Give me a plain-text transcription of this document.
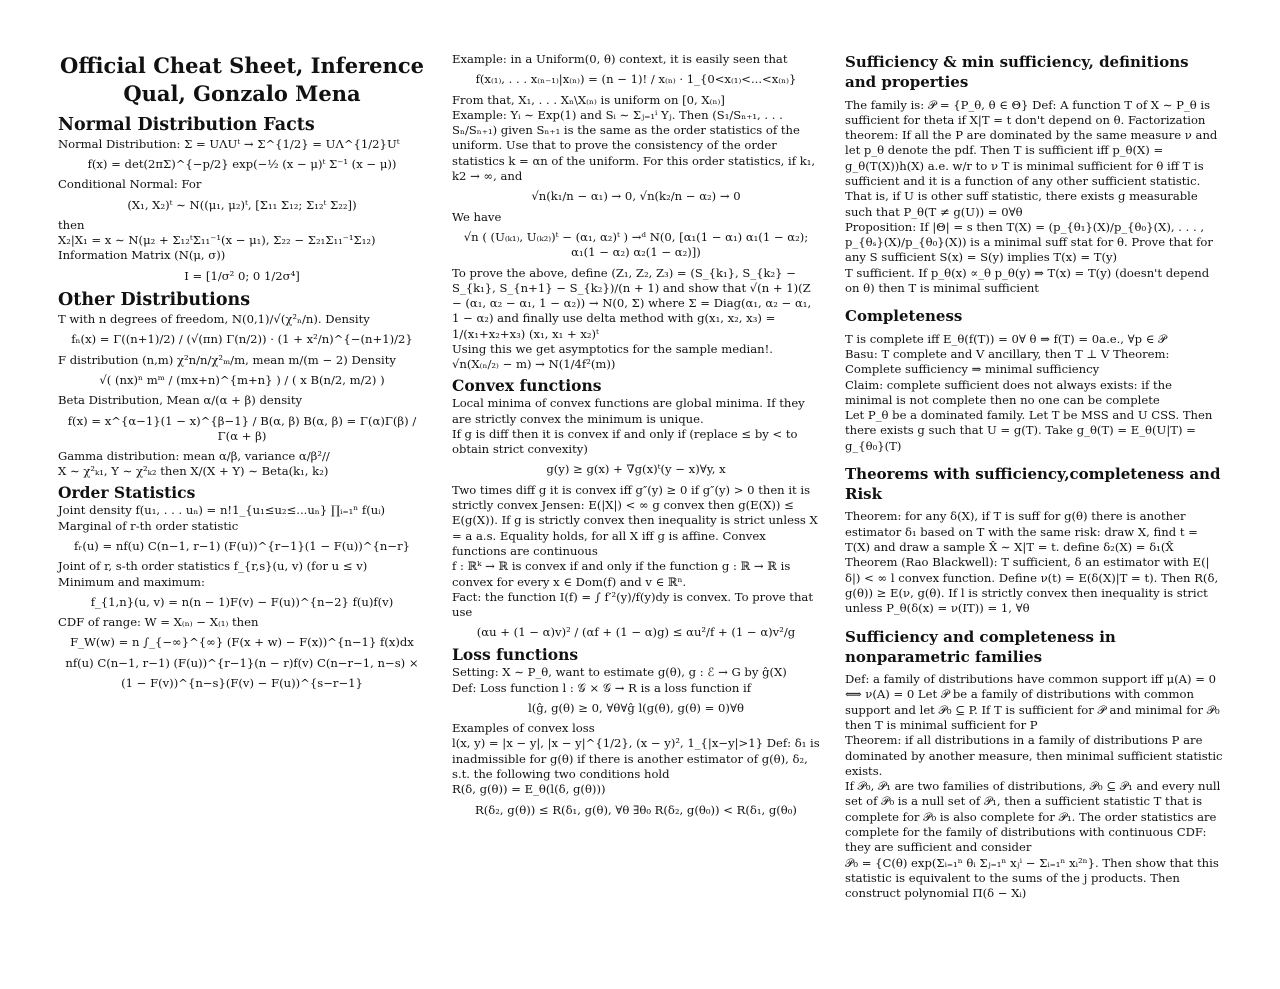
Official Cheat Sheet, Inference Qual, Gonzalo Mena
Normal Distribution Facts

Normal Distribution: Σ = UΛUᵗ → Σ^{1/2} = UΛ^{1/2}Uᵗ

f(x) = det(2πΣ)^{−p/2} exp(−½ (x − μ)ᵗ Σ⁻¹ (x − μ))

Conditional Normal: For

(X₁, X₂)ᵗ ∼ N((μ₁, μ₂)ᵗ, [Σ₁₁ Σ₁₂; Σ₁₂ᵗ Σ₂₂])

then

X₂|X₁ = x ∼ N(μ₂ + Σ₁₂ᵗΣ₁₁⁻¹(x − μ₁), Σ₂₂ − Σ₂₁Σ₁₁⁻¹Σ₁₂)

Information Matrix (N(μ, σ))

I = [1/σ² 0; 0 1/2σ⁴]
Other Distributions

T with n degrees of freedom, N(0,1)/√(χ²ₙ/n). Density

fₙ(x) = Γ((n+1)/2) / (√(πn) Γ(n/2)) · (1 + x²/n)^{−(n+1)/2}

F distribution (n,m) χ²n/n/χ²ₘ/m, mean m/(m − 2) Density

√( (nx)ⁿ mᵐ / (mx+n)^{m+n} ) / ( x B(n/2, m/2) )

Beta Distribution, Mean α/(α + β) density

f(x) = x^{α−1}(1 − x)^{β−1} / B(α, β) B(α, β) = Γ(α)Γ(β) / Γ(α + β)

Gamma distribution: mean α/β, variance α/β²//

X ∼ χ²ₖ₁, Y ∼ χ²ₖ₂ then X/(X + Y) ∼ Beta(k₁, k₂)

Order Statistics

Joint density f(u₁, . . . uₙ) = n!1_{u₁≤u₂≤...uₙ} ∏ᵢ₌₁ⁿ f(uᵢ)

Marginal of r-th order statistic

fᵣ(u) = nf(u) C(n−1, r−1) (F(u))^{r−1}(1 − F(u))^{n−r}

Joint of r, s-th order statistics f_{r,s}(u, v) (for u ≤ v)

Minimum and maximum:

f_{1,n}(u, v) = n(n − 1)F(v) − F(u))^{n−2} f(u)f(v)

CDF of range: W = X₍ₙ₎ − X₍₁₎ then

F_W(w) = n ∫_{−∞}^{∞} (F(x + w) − F(x))^{n−1} f(x)dx
nf(u) C(n−1, r−1) (F(u))^{r−1}(n − r)f(v) C(n−r−1, n−s) ×
(1 − F(v))^{n−s}(F(v) − F(u))^{s−r−1}

Example: in a Uniform(0, θ) context, it is easily seen that

f(x₍₁₎, . . . x₍ₙ₋₁₎|x₍ₙ₎) = (n − 1)! / x₍ₙ₎ · 1_{0<x₍₁₎<...<x₍ₙ₎}

From that, X₁, . . . Xₙ\X₍ₙ₎ is uniform on [0, X₍ₙ₎]

Example: Yᵢ ∼ Exp(1) and Sᵢ ∼ Σⱼ₌₁ⁱ Yⱼ. Then (S₁/Sₙ₊₁, . . . Sₙ/Sₙ₊₁) given Sₙ₊₁ is the same as the order statistics of the uniform. Use that to prove the consistency of the order statistics k = αn of the uniform. For this order statistics, if k₁, k2 → ∞, and

√n(k₁/n − α₁) → 0, √n(k₂/n − α₂) → 0

We have

√n ( (U₍ₖ₁₎, U₍ₖ₂₎)ᵗ − (α₁, α₂)ᵗ ) →ᵈ N(0, [α₁(1 − α₁) α₁(1 − α₂); α₁(1 − α₂) α₂(1 − α₂)])

To prove the above, define (Z₁, Z₂, Z₃) = (S_{k₁}, S_{k₂} − S_{k₁}, S_{n+1} − S_{k₂})/(n + 1) and show that √(n + 1)(Z − (α₁, α₂ − α₁, 1 − α₂)) → N(0, Σ) where Σ = Diag(α₁, α₂ − α₁, 1 − α₂) and finally use delta method with g(x₁, x₂, x₃) = 1/(x₁+x₂+x₃) (x₁, x₁ + x₂)ᵗ

Using this we get asymptotics for the sample median!.

√n(X₍ₙ/₂₎ − m) → N(1/4f²(m))

Convex functions

Local minima of convex functions are global minima. If they are strictly convex the minimum is unique.

If g is diff then it is convex if and only if (replace ≤ by < to obtain strict convexity)

g(y) ≥ g(x) + ∇g(x)ᵗ(y − x)∀y, x

Two times diff g it is convex iff g″(y) ≥ 0 if g″(y) > 0 then it is strictly convex Jensen: E(|X|) < ∞ g convex then g(E(X)) ≤ E(g(X)). If g is strictly convex then inequality is strict unless X = a a.s. Equality holds, for all X iff g is affine. Convex functions are continuous

f : ℝᵏ → ℝ is convex if and only if the function g : ℝ → ℝ is convex for every x ∈ Dom(f) and v ∈ ℝⁿ.

Fact: the function I(f) = ∫ f′²(y)/f(y)dy is convex. To prove that use

(αu + (1 − α)v)² / (αf + (1 − α)g) ≤ αu²/f + (1 − α)v²/g
Loss functions

Setting: X ∼ P_θ, want to estimate g(θ), g : ℰ → G by ĝ(X)

Def: Loss function l : 𝒢 × 𝒢 → R is a loss function if

l(ĝ, g(θ) ≥ 0, ∀θ∀ĝ l(g(θ), g(θ) = 0)∀θ

Examples of convex loss

l(x, y) = |x − y|, |x − y|^{1/2}, (x − y)², 1_{|x−y|>1} Def: δ₁ is inadmissible for g(θ) if there is another estimator of g(θ), δ₂, s.t. the following two conditions hold

R(δ, g(θ)) = E_θ(l(δ, g(θ)))

R(δ₂, g(θ)) ≤ R(δ₁, g(θ), ∀θ ∃θ₀ R(δ₂, g(θ₀)) < R(δ₁, g(θ₀)
Sufficiency & min sufficiency, definitions and properties

The family is: 𝒫 = {P_θ, θ ∈ Θ} Def: A function T of X ∼ P_θ is sufficient for theta if X|T = t don't depend on θ. Factorization theorem: If all the P are dominated by the same measure ν and let p_θ denote the pdf. Then T is sufficient iff p_θ(X) = g_θ(T(X))h(X) a.e. w/r to ν T is minimal sufficient for θ iff T is sufficient and it is a function of any other sufficient statistic. That is, if U is other suff statistic, there exists g measurable such that P_θ(T ≠ g(U)) = 0∀θ

Proposition: If |Θ| = s then T(X) = (p_{θ₁}(X)/p_{θ₀}(X), . . . , p_{θₛ}(X)/p_{θ₀}(X)) is a minimal suff stat for θ. Prove that for any S sufficient S(x) = S(y) implies T(x) = T(y)

T sufficient. If p_θ(x) ∝_θ p_θ(y) ⇒ T(x) = T(y) (doesn't depend on θ) then T is minimal sufficient

Completeness

T is complete iff E_θ(f(T)) = 0∀ θ ⇒ f(T) = 0a.e., ∀p ∈ 𝒫

Basu: T complete and V ancillary, then T ⊥ V Theorem: Complete sufficiency ⇒ minimal sufficiency

Claim: complete sufficient does not always exists: if the minimal is not complete then no one can be complete

Let P_θ be a dominated family. Let T be MSS and U CSS. Then there exists g such that U = g(T). Take g_θ(T) = E_θ(U|T) = g_{θ₀}(T)

Theorems with sufficiency,completeness and Risk

Theorem: for any δ(X), if T is suff for g(θ) there is another estimator δ₁ based on T with the same risk: draw X, find t = T(X) and draw a sample X̂ ∼ X|T = t. define δ₂(X) = δ₁(X̂

Theorem (Rao Blackwell): T sufficient, δ an estimator with E(|δ|) < ∞ l convex function. Define ν(t) = E(δ(X)|T = t). Then R(δ, g(θ)) ≥ E(ν, g(θ). If l is strictly convex then inequality is strict unless P_θ(δ(x) = ν(IT)) = 1, ∀θ

Sufficiency and completeness in nonparametric families

Def: a family of distributions have common support iff μ(A) = 0 ⟺ ν(A) = 0 Let 𝒫 be a family of distributions with common support and let 𝒫₀ ⊆ P. If T is sufficient for 𝒫 and minimal for 𝒫₀ then T is minimal sufficient for P

Theorem: if all distributions in a family of distributions P are dominated by another measure, then minimal sufficient statistic exists.

If 𝒫₀, 𝒫₁ are two families of distributions, 𝒫₀ ⊆ 𝒫₁ and every null set of 𝒫₀ is a null set of 𝒫₁, then a sufficient statistic T that is complete for 𝒫₀ is also complete for 𝒫₁. The order statistics are complete for the family of distributions with continuous CDF: they are sufficient and consider

𝒫₀ = {C(θ) exp(Σᵢ₌₁ⁿ θᵢ Σⱼ₌₁ⁿ xⱼⁱ − Σᵢ₌₁ⁿ xᵢ²ⁿ}. Then show that this statistic is equivalent to the sums of the j products. Then construct polynomial Π(δ − Xᵢ)
